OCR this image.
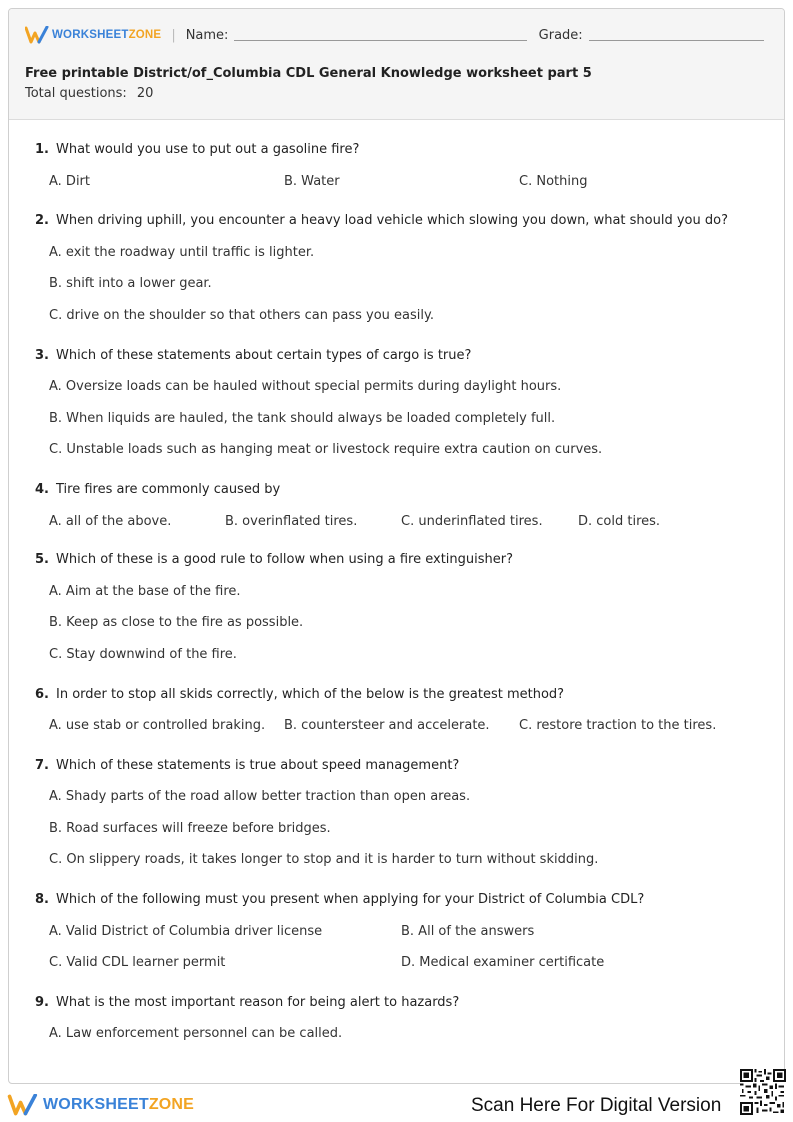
WORKSHEETZONE | Name:	Grade:
Free printable District/of_Columbia CDL General Knowledge worksheet part 5
Total questions: 20
1. What would you use to put out a gasoline fire?
A. Dirt	B. Water	C. Nothing
2. When driving uphill, you encounter a heavy load vehicle which slowing you down, what should you do?
A. exit the roadway until traffic is lighter.
B. shift into a lower gear.
C. drive on the shoulder so that others can pass you easily.
3. Which of these statements about certain types of cargo is true?
A. Oversize loads can be hauled without special permits during daylight hours.
B. When liquids are hauled, the tank should always be loaded completely full.
C. Unstable loads such as hanging meat or livestock require extra caution on curves.
4. Tire fires are commonly caused by
A. all of the above.	B. overinflated tires.	C. underinflated tires.	D. cold tires.
5. Which of these is a good rule to follow when using a fire extinguisher?
A. Aim at the base of the fire.
B. Keep as close to the fire as possible.
C. Stay downwind of the fire.
6. In order to stop all skids correctly, which of the below is the greatest method?
A. use stab or controlled braking. B. countersteer and accelerate. C. restore traction to the tires.
7. Which of these statements is true about speed management?
A. Shady parts of the road allow better traction than open areas.
B. Road surfaces will freeze before bridges.
C. On slippery roads, it takes longer to stop and it is harder to turn without skidding.
8. Which of the following must you present when applying for your District of Columbia CDL?
A. Valid District of Columbia driver license	B. All of the answers
C. Valid CDL learner permit	D. Medical examiner certificate
9. What is the most important reason for being alert to hazards?
A. Law enforcement personnel can be called.
WORKSHEETZONE	Scan Here For Digital Version
